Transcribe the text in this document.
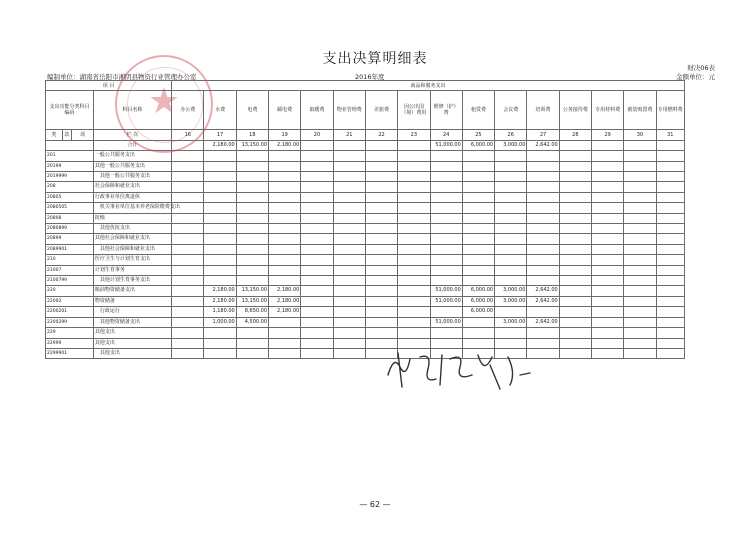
支出决算明细表
财决06表
编制单位：湖南省岳阳市湘阴县物资行业管理办公室	2016年度	金额单位：元
项 目				商品和服务支出															
支出功能分类科目编码			科目名称	办公费	水费	电费	邮电费	取暖费	物业管理费	差旅费	因公出国（境）费用	维修（护）费	租赁费	会议费	培训费	公务接待费	专用材料费	被装购置费	专用燃料费
类	款	项	栏 次	16	17	18	19	20	21	22	23	24	25	26	27	28	29	30	31
			合计		2,180.00	13,150.00	2,180.00					51,000.00	6,000.00	3,000.00	2,642.00				
201			一般公共服务支出																
20199			其他一般公共服务支出																
2019999			其他一般公共服务支出																
208			社会保障和就业支出																
20805			行政事业单位离退休																
2080505			机关事业单位基本养老保险缴费支出																
20808			抚恤																
2080899			其他优抚支出																
20899			其他社会保障和就业支出																
2089901			其他社会保障和就业支出																
210			医疗卫生与计划生育支出																
21007			计划生育事务																
2100799			其他计划生育事务支出																
220			粮油物资储备支出		2,180.00	13,150.00	2,180.00					51,000.00	6,000.00	3,000.00	2,642.00				
22002			物资储备		2,180.00	13,150.00	2,180.00					51,000.00	6,000.00	3,000.00	2,642.00				
2200201			行政运行		1,180.00	8,650.00	2,180.00						6,000.00						
2200299			其他物资储备支出		1,000.00	4,500.00						51,000.00		3,000.00	2,642.00				
229			其他支出																
22999			其他支出																
2299901			其他支出																
★
— 62 —
